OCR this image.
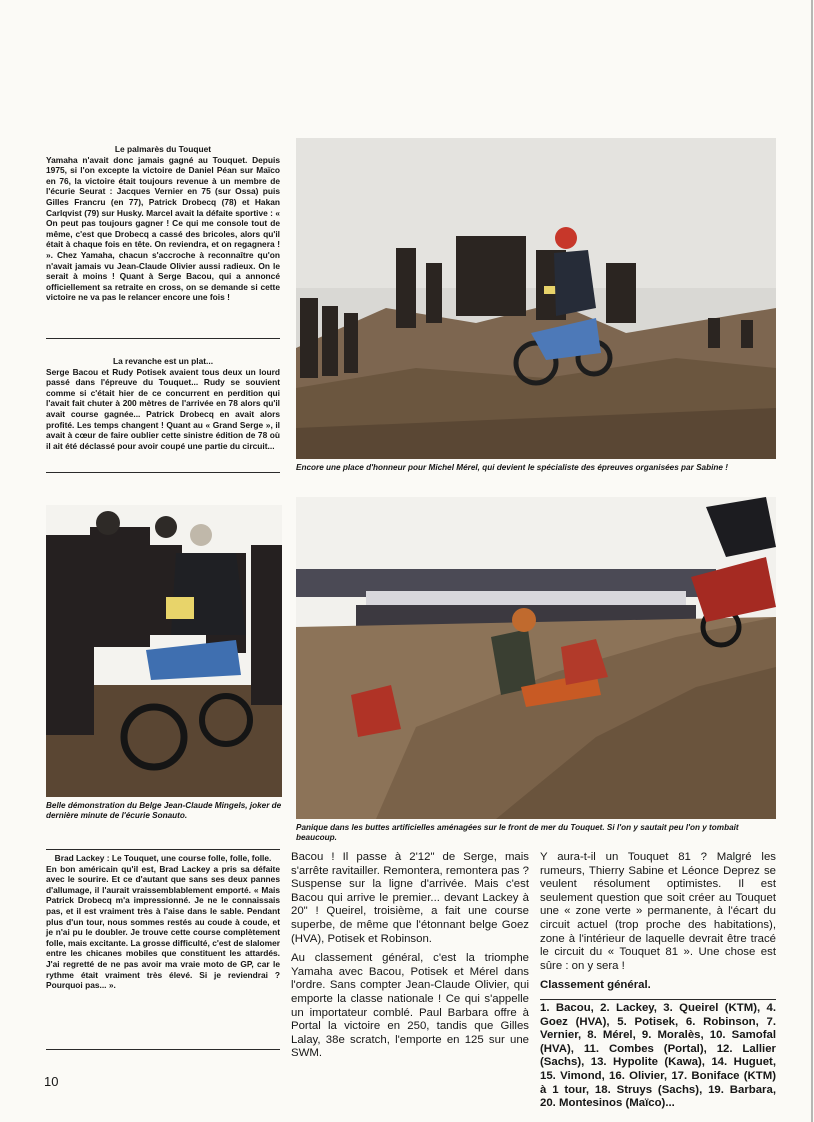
Le palmarès du Touquet

Yamaha n'avait donc jamais gagné au Touquet. Depuis 1975, si l'on excepte la victoire de Daniel Péan sur Maïco en 76, la victoire était toujours revenue à un membre de l'écurie Seurat : Jacques Vernier en 75 (sur Ossa) puis Gilles Francru (en 77), Patrick Drobecq (78) et Hakan Carlqvist (79) sur Husky. Marcel avait la défaite sportive : « On peut pas toujours gagner ! Ce qui me console tout de même, c'est que Drobecq a cassé des bricoles, alors qu'il était à chaque fois en tête. On reviendra, et on regagnera ! ». Chez Yamaha, chacun s'accroche à reconnaître qu'on n'avait jamais vu Jean-Claude Olivier aussi radieux. On le serait à moins ! Quant à Serge Bacou, qui a annoncé officiellement sa retraite en cross, on se demande si cette victoire ne va pas le relancer encore une fois !

La revanche est un plat...

Serge Bacou et Rudy Potisek avaient tous deux un lourd passé dans l'épreuve du Touquet... Rudy se souvient comme si c'était hier de ce concurrent en perdition qui l'avait fait chuter à 200 mètres de l'arrivée en 78 alors qu'il avait course gagnée... Patrick Drobecq en avait alors profité. Les temps changent ! Quant au « Grand Serge », il avait à cœur de faire oublier cette sinistre édition de 78 où il ait été déclassé pour avoir coupé une partie du circuit...

Encore une place d'honneur pour Michel Mérel, qui devient le spécialiste des épreuves organisées par Sabine !
Belle démonstration du Belge Jean-Claude Mingels, joker de dernière minute de l'écurie Sonauto.
Panique dans les buttes artificielles aménagées sur le front de mer du Touquet. Si l'on y sautait peu l'on y tombait beaucoup.

Brad Lackey : Le Touquet, une course folle, folle, folle.

En bon américain qu'il est, Brad Lackey a pris sa défaite avec le sourire. Et ce d'autant que sans ses deux pannes d'allumage, il l'aurait vraissemblablement emporté. « Mais Patrick Drobecq m'a impressionné. Je ne le connaissais pas, et il est vraiment très à l'aise dans le sable. Pendant plus d'un tour, nous sommes restés au coude à coude, et je n'ai pu le doubler. Je trouve cette course complètement folle, mais excitante. La grosse difficulté, c'est de slalomer entre les chicanes mobiles que constituent les attardés. J'ai regretté de ne pas avoir ma vraie moto de GP, car le rythme était vraiment très élevé. Si je reviendrai ? Pourquoi pas... ».

Bacou ! Il passe à 2'12" de Serge, mais s'arrête ravitailler. Remontera, remontera pas ? Suspense sur la ligne d'arrivée. Mais c'est Bacou qui arrive le premier... devant Lackey à 20" ! Queirel, troisième, a fait une course superbe, de même que l'étonnant belge Goez (HVA), Potisek et Robinson.

Au classement général, c'est la triomphe Yamaha avec Bacou, Potisek et Mérel dans l'ordre. Sans compter Jean-Claude Olivier, qui emporte la classe nationale ! Ce qui s'appelle un importateur comblé. Paul Barbara offre à Portal la victoire en 250, tandis que Gilles Lalay, 38e scratch, l'emporte en 125 sur une SWM.

Y aura-t-il un Touquet 81 ? Malgré les rumeurs, Thierry Sabine et Léonce Deprez se veulent résolument optimistes. Il est seulement question que soit créer au Touquet une « zone verte » permanente, à l'écart du circuit actuel (trop proche des habitations), zone à l'intérieur de laquelle devrait être tracé le circuit du « Touquet 81 ». Une chose est sûre : on y sera !

Classement général.

1. Bacou, 2. Lackey, 3. Queirel (KTM), 4. Goez (HVA), 5. Potisek, 6. Robinson, 7. Vernier, 8. Mérel, 9. Moralès, 10. Samofal (HVA), 11. Combes (Portal), 12. Lallier (Sachs), 13. Hypolite (Kawa), 14. Huguet, 15. Vimond, 16. Olivier, 17. Boniface (KTM) à 1 tour, 18. Struys (Sachs), 19. Barbara, 20. Montesinos (Maïco)...

10
